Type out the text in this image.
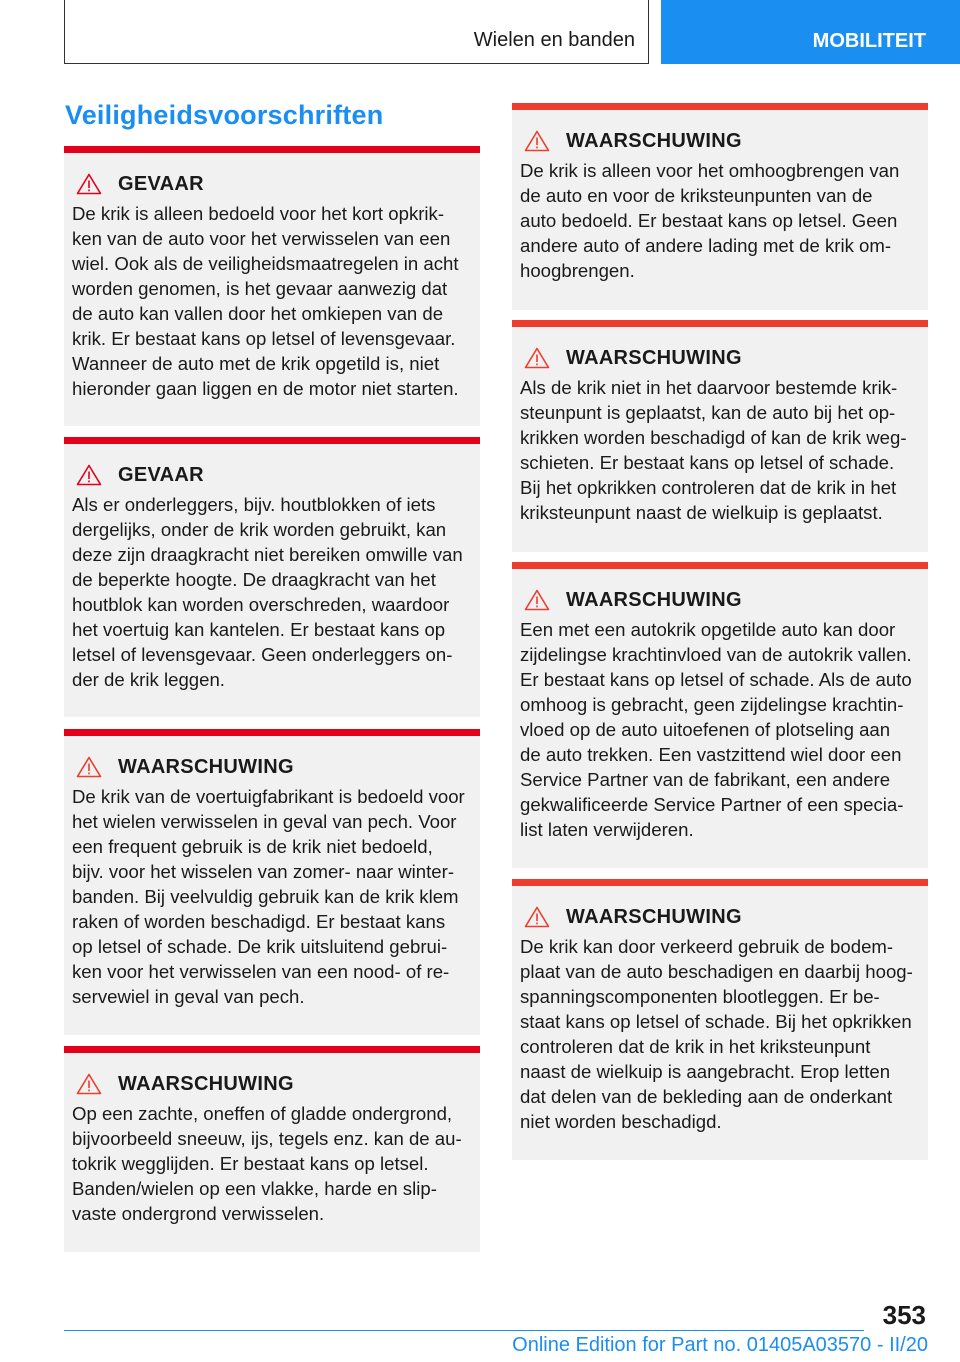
Wielen en banden	MOBILITEIT
Veiligheidsvoorschriften
GEVAAR
De krik is alleen bedoeld voor het kort opkrik-
ken van de auto voor het verwisselen van een
wiel. Ook als de veiligheidsmaatregelen in acht
worden genomen, is het gevaar aanwezig dat
de auto kan vallen door het omkiepen van de
krik. Er bestaat kans op letsel of levensgevaar.
Wanneer de auto met de krik opgetild is, niet
hieronder gaan liggen en de motor niet starten.
GEVAAR
Als er onderleggers, bijv. houtblokken of iets
dergelijks, onder de krik worden gebruikt, kan
deze zijn draagkracht niet bereiken omwille van
de beperkte hoogte. De draagkracht van het
houtblok kan worden overschreden, waardoor
het voertuig kan kantelen. Er bestaat kans op
letsel of levensgevaar. Geen onderleggers on-
der de krik leggen.
WAARSCHUWING
De krik van de voertuigfabrikant is bedoeld voor
het wielen verwisselen in geval van pech. Voor
een frequent gebruik is de krik niet bedoeld,
bijv. voor het wisselen van zomer- naar winter-
banden. Bij veelvuldig gebruik kan de krik klem
raken of worden beschadigd. Er bestaat kans
op letsel of schade. De krik uitsluitend gebrui-
ken voor het verwisselen van een nood- of re-
servewiel in geval van pech.
WAARSCHUWING
Op een zachte, oneffen of gladde ondergrond,
bijvoorbeeld sneeuw, ijs, tegels enz. kan de au-
tokrik wegglijden. Er bestaat kans op letsel.
Banden/wielen op een vlakke, harde en slip-
vaste ondergrond verwisselen.
WAARSCHUWING
De krik is alleen voor het omhoogbrengen van
de auto en voor de kriksteunpunten van de
auto bedoeld. Er bestaat kans op letsel. Geen
andere auto of andere lading met de krik om-
hoogbrengen.
WAARSCHUWING
Als de krik niet in het daarvoor bestemde krik-
steunpunt is geplaatst, kan de auto bij het op-
krikken worden beschadigd of kan de krik weg-
schieten. Er bestaat kans op letsel of schade.
Bij het opkrikken controleren dat de krik in het
kriksteunpunt naast de wielkuip is geplaatst.
WAARSCHUWING
Een met een autokrik opgetilde auto kan door
zijdelingse krachtinvloed van de autokrik vallen.
Er bestaat kans op letsel of schade. Als de auto
omhoog is gebracht, geen zijdelingse krachtin-
vloed op de auto uitoefenen of plotseling aan
de auto trekken. Een vastzittend wiel door een
Service Partner van de fabrikant, een andere
gekwalificeerde Service Partner of een specia-
list laten verwijderen.
WAARSCHUWING
De krik kan door verkeerd gebruik de bodem-
plaat van de auto beschadigen en daarbij hoog-
spanningscomponenten blootleggen. Er be-
staat kans op letsel of schade. Bij het opkrikken
controleren dat de krik in het kriksteunpunt
naast de wielkuip is aangebracht. Erop letten
dat delen van de bekleding aan de onderkant
niet worden beschadigd.
353
Online Edition for Part no. 01405A03570 - II/20
